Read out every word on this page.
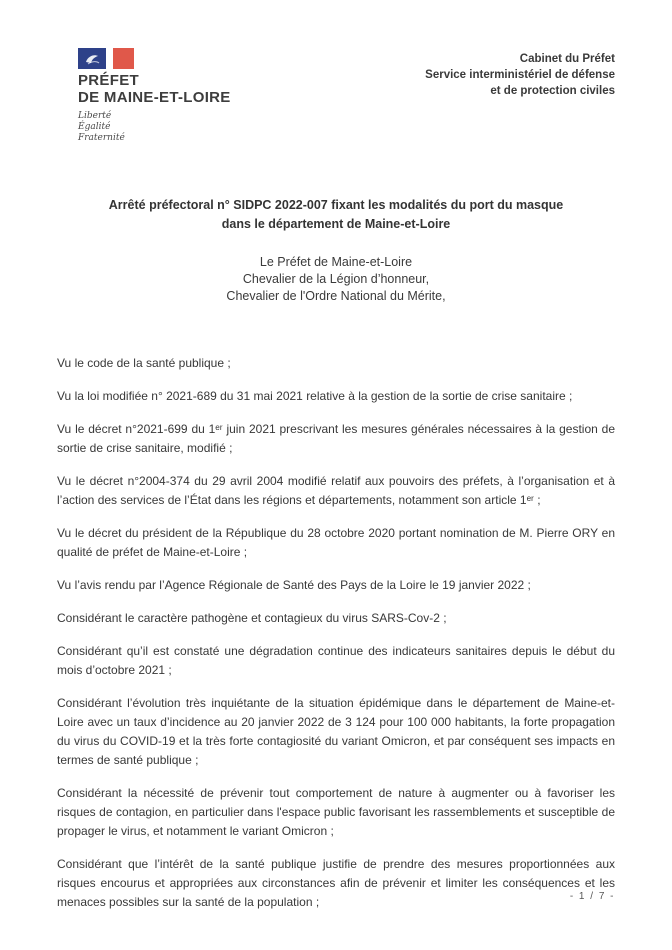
PRÉFET
DE MAINE-ET-LOIRE
Liberté
Égalité
Fraternité
Cabinet du Préfet
Service interministériel de défense
et de protection civiles
Arrêté préfectoral n° SIDPC 2022-007 fixant les modalités du port du masque
dans le département de Maine-et-Loire
Le Préfet de Maine-et-Loire
Chevalier de la Légion d’honneur,
Chevalier de l'Ordre National du Mérite,

Vu le code de la santé publique ;

Vu la loi modifiée n° 2021-689 du 31 mai 2021 relative à la gestion de la sortie de crise sanitaire ;

Vu le décret n°2021-699 du 1ᵉʳ juin 2021 prescrivant les mesures générales nécessaires à la gestion de sortie de crise sanitaire, modifié ;

Vu le décret n°2004-374 du 29 avril 2004 modifié relatif aux pouvoirs des préfets, à l’organisation et à l’action des services de l’État dans les régions et départements, notamment son article 1ᵉʳ ;

Vu le décret du président de la République du 28 octobre 2020 portant nomination de M. Pierre ORY en qualité de préfet de Maine-et-Loire ;

Vu l’avis rendu par l’Agence Régionale de Santé des Pays de la Loire le 19 janvier 2022 ;

Considérant le caractère pathogène et contagieux du virus SARS-Cov-2 ;

Considérant qu’il est constaté une dégradation continue des indicateurs sanitaires depuis le début du mois d’octobre 2021 ;

Considérant l’évolution très inquiétante de la situation épidémique dans le département de Maine-et-Loire avec un taux d’incidence au 20 janvier 2022 de 3 124 pour 100 000 habitants, la forte propagation du virus du COVID-19 et la très forte contagiosité du variant Omicron, et par conséquent ses impacts en termes de santé publique ;

Considérant la nécessité de prévenir tout comportement de nature à augmenter ou à favoriser les risques de contagion, en particulier dans l'espace public favorisant les rassemblements et susceptible de propager le virus, et notamment le variant Omicron ;

Considérant que l’intérêt de la santé publique justifie de prendre des mesures proportionnées aux risques encourus et appropriées aux circonstances afin de prévenir et limiter les conséquences et les menaces possibles sur la santé de la population ;	- 1 / 7 -
